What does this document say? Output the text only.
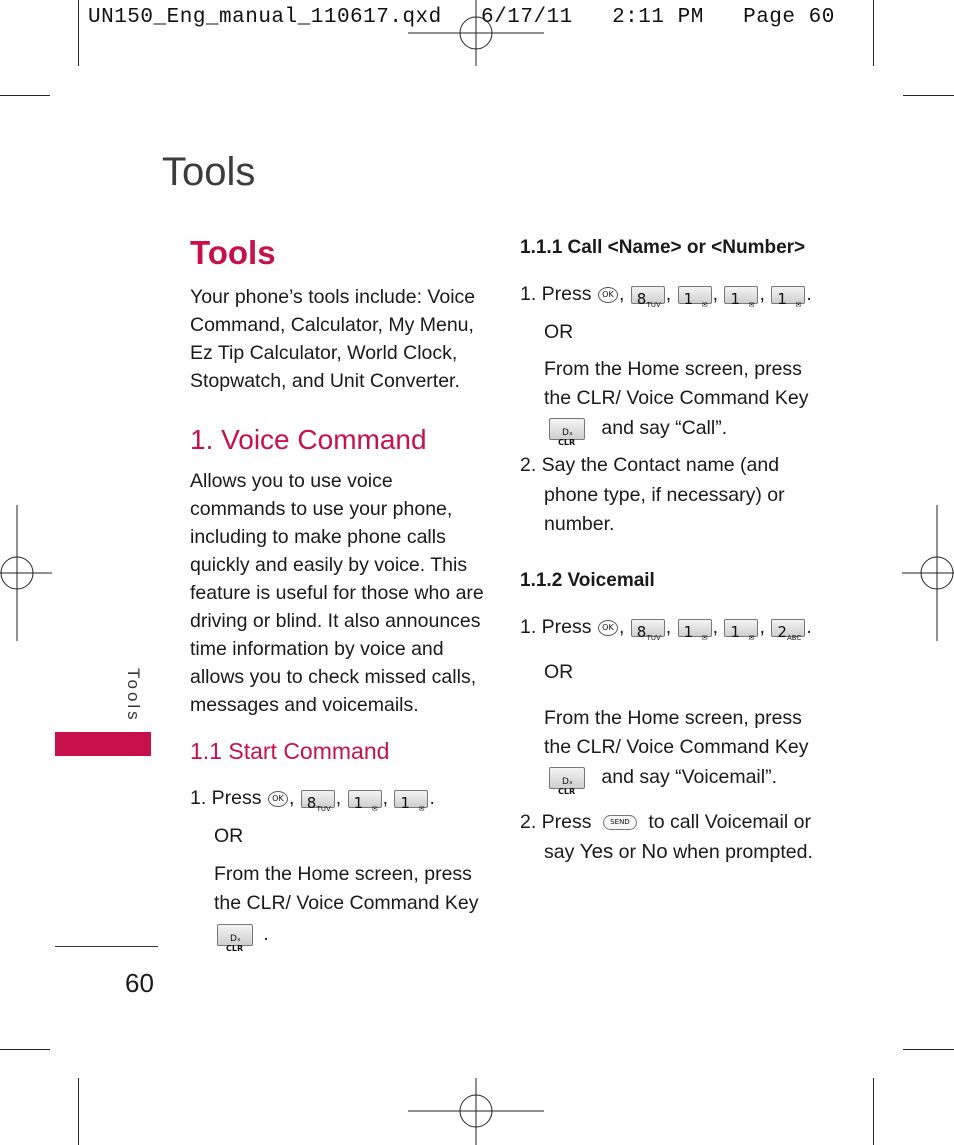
UN150_Eng_manual_110617.qxd   6/17/11   2:11 PM   Page 60
Tools
Tools
60
Tools
Your phone’s tools include: Voice
Command, Calculator, My Menu,
Ez Tip Calculator, World Clock,
Stopwatch, and Unit Converter.
1. Voice Command
Allows you to use voice
commands to use your phone,
including to make phone calls
quickly and easily by voice. This
feature is useful for those who are
driving or blind. It also announces
time information by voice and
allows you to check missed calls,
messages and voicemails.
1.1 Start Command
1. Press OK , 8 TUV , 1 ✉ , 1 ✉ .
OR
From the Home screen, press
the CLR/ Voice Command Key
Dₓ
CLR
.
1.1.1 Call <Name> or <Number>
1. Press OK , 8 TUV , 1 ✉ , 1 ✉ , 1 ✉ .
OR
From the Home screen, press
the CLR/ Voice Command Key
Dₓ
CLR
and say “Call”.
2. Say the Contact name (and
phone type, if necessary) or
number.
1.1.2 Voicemail
1. Press OK , 8 TUV , 1 ✉ , 1 ✉ , 2 ABC .
OR
From the Home screen, press
the CLR/ Voice Command Key
Dₓ
CLR
and say “Voicemail”.
2. Press	SEND to call Voicemail or
say Yes or No when prompted.
